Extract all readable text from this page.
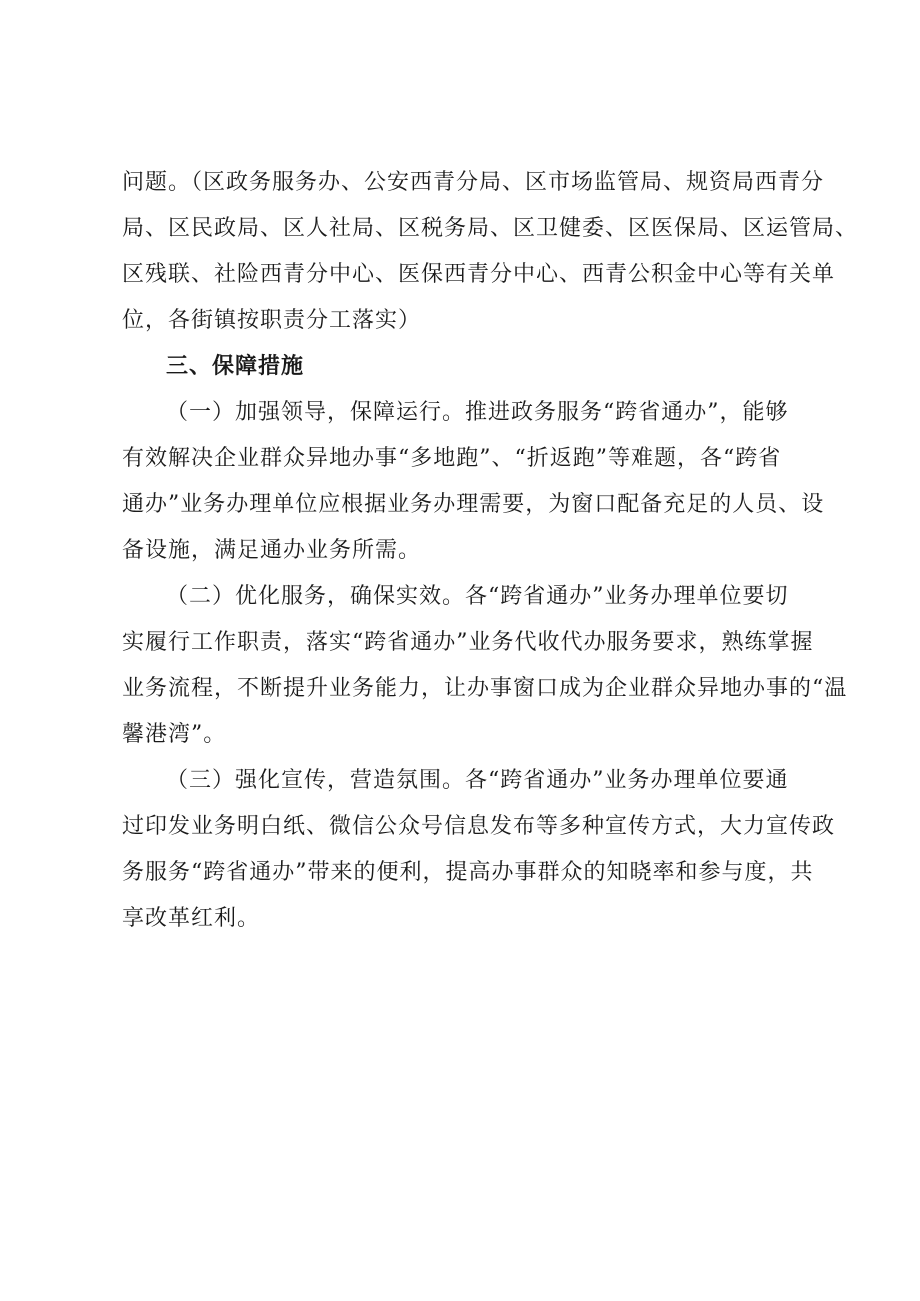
问题。（区政务服务办、公安西青分局、区市场监管局、规资局西青分
局、区民政局、区人社局、区税务局、区卫健委、区医保局、区运管局、
区残联、社险西青分中心、医保西青分中心、西青公积金中心等有关单
位，各街镇按职责分工落实）
三、保障措施
（一）加强领导，保障运行。推进政务服务“跨省通办”，能够
有效解决企业群众异地办事“多地跑”、“折返跑”等难题，各“跨省
通办”业务办理单位应根据业务办理需要，为窗口配备充足的人员、设
备设施，满足通办业务所需。
（二）优化服务，确保实效。各“跨省通办”业务办理单位要切
实履行工作职责，落实“跨省通办”业务代收代办服务要求，熟练掌握
业务流程，不断提升业务能力，让办事窗口成为企业群众异地办事的“温
馨港湾”。
（三）强化宣传，营造氛围。各“跨省通办”业务办理单位要通
过印发业务明白纸、微信公众号信息发布等多种宣传方式，大力宣传政
务服务“跨省通办”带来的便利，提高办事群众的知晓率和参与度，共
享改革红利。
